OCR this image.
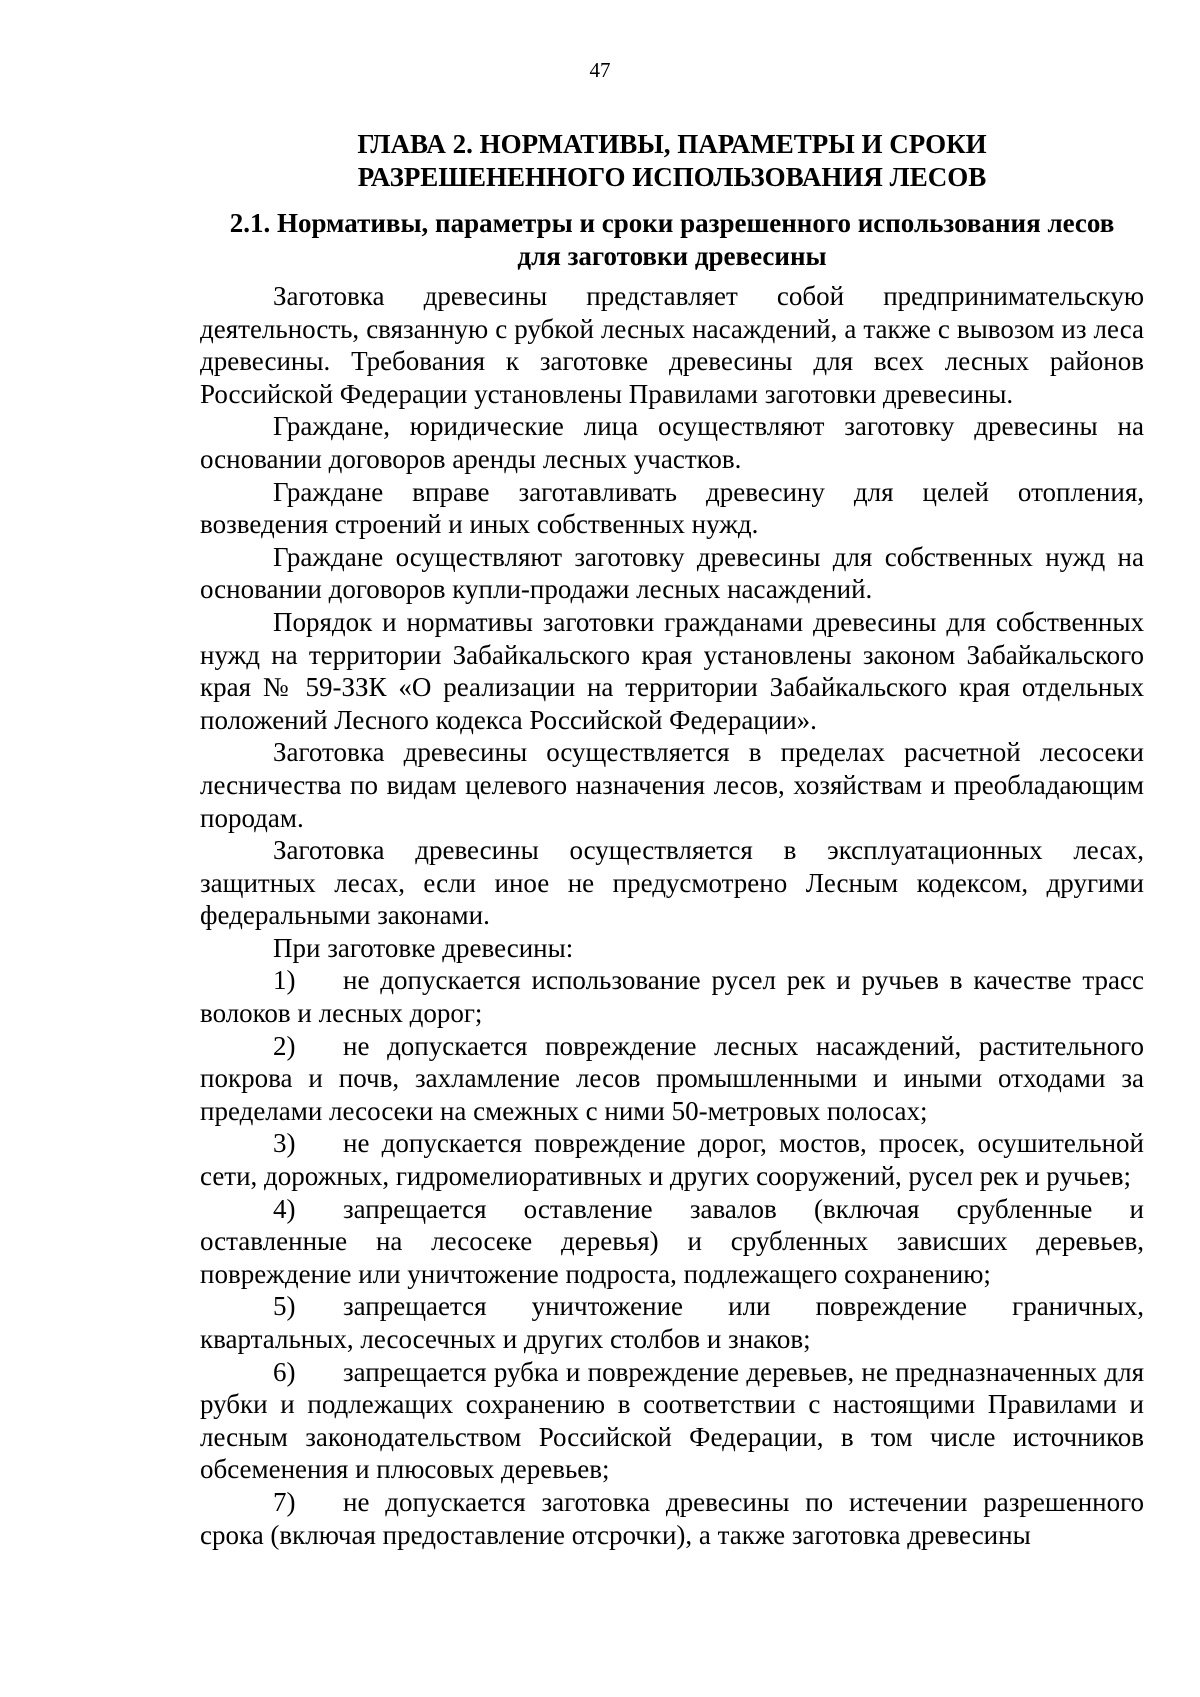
47
ГЛАВА 2. НОРМАТИВЫ, ПАРАМЕТРЫ И СРОКИ
РАЗРЕШЕНЕННОГО ИСПОЛЬЗОВАНИЯ ЛЕСОВ
2.1. Нормативы, параметры и сроки разрешенного использования лесов
для заготовки древесины

Заготовка древесины представляет собой предпринимательскую деятельность, связанную с рубкой лесных насаждений, а также с вывозом из леса древесины. Требования к заготовке древесины для всех лесных районов Российской Федерации установлены Правилами заготовки древесины.

Граждане, юридические лица осуществляют заготовку древесины на основании договоров аренды лесных участков.

Граждане вправе заготавливать древесину для целей отопления, возведения строений и иных собственных нужд.

Граждане осуществляют заготовку древесины для собственных нужд на основании договоров купли-продажи лесных насаждений.

Порядок и нормативы заготовки гражданами древесины для собственных нужд на территории Забайкальского края установлены законом Забайкальского края № 59-ЗЗК «О реализации на территории Забайкальского края отдельных положений Лесного кодекса Российской Федерации».

Заготовка древесины осуществляется в пределах расчетной лесосеки лесничества по видам целевого назначения лесов, хозяйствам и преобладающим породам.

Заготовка древесины осуществляется в эксплуатационных лесах, защитных лесах, если иное не предусмотрено Лесным кодексом, другими федеральными законами.

При заготовке древесины:

1) не допускается использование русел рек и ручьев в качестве трасс волоков и лесных дорог;

2) не допускается повреждение лесных насаждений, растительного покрова и почв, захламление лесов промышленными и иными отходами за пределами лесосеки на смежных с ними 50-метровых полосах;

3) не допускается повреждение дорог, мостов, просек, осушительной сети, дорожных, гидромелиоративных и других сооружений, русел рек и ручьев;

4) запрещается оставление завалов (включая срубленные и оставленные на лесосеке деревья) и срубленных зависших деревьев, повреждение или уничтожение подроста, подлежащего сохранению;

5) запрещается уничтожение или повреждение граничных, квартальных, лесосечных и других столбов и знаков;

6) запрещается рубка и повреждение деревьев, не предназначенных для рубки и подлежащих сохранению в соответствии с настоящими Правилами и лесным законодательством Российской Федерации, в том числе источников обсеменения и плюсовых деревьев;

7) не допускается заготовка древесины по истечении разрешенного срока (включая предоставление отсрочки), а также заготовка древесины
